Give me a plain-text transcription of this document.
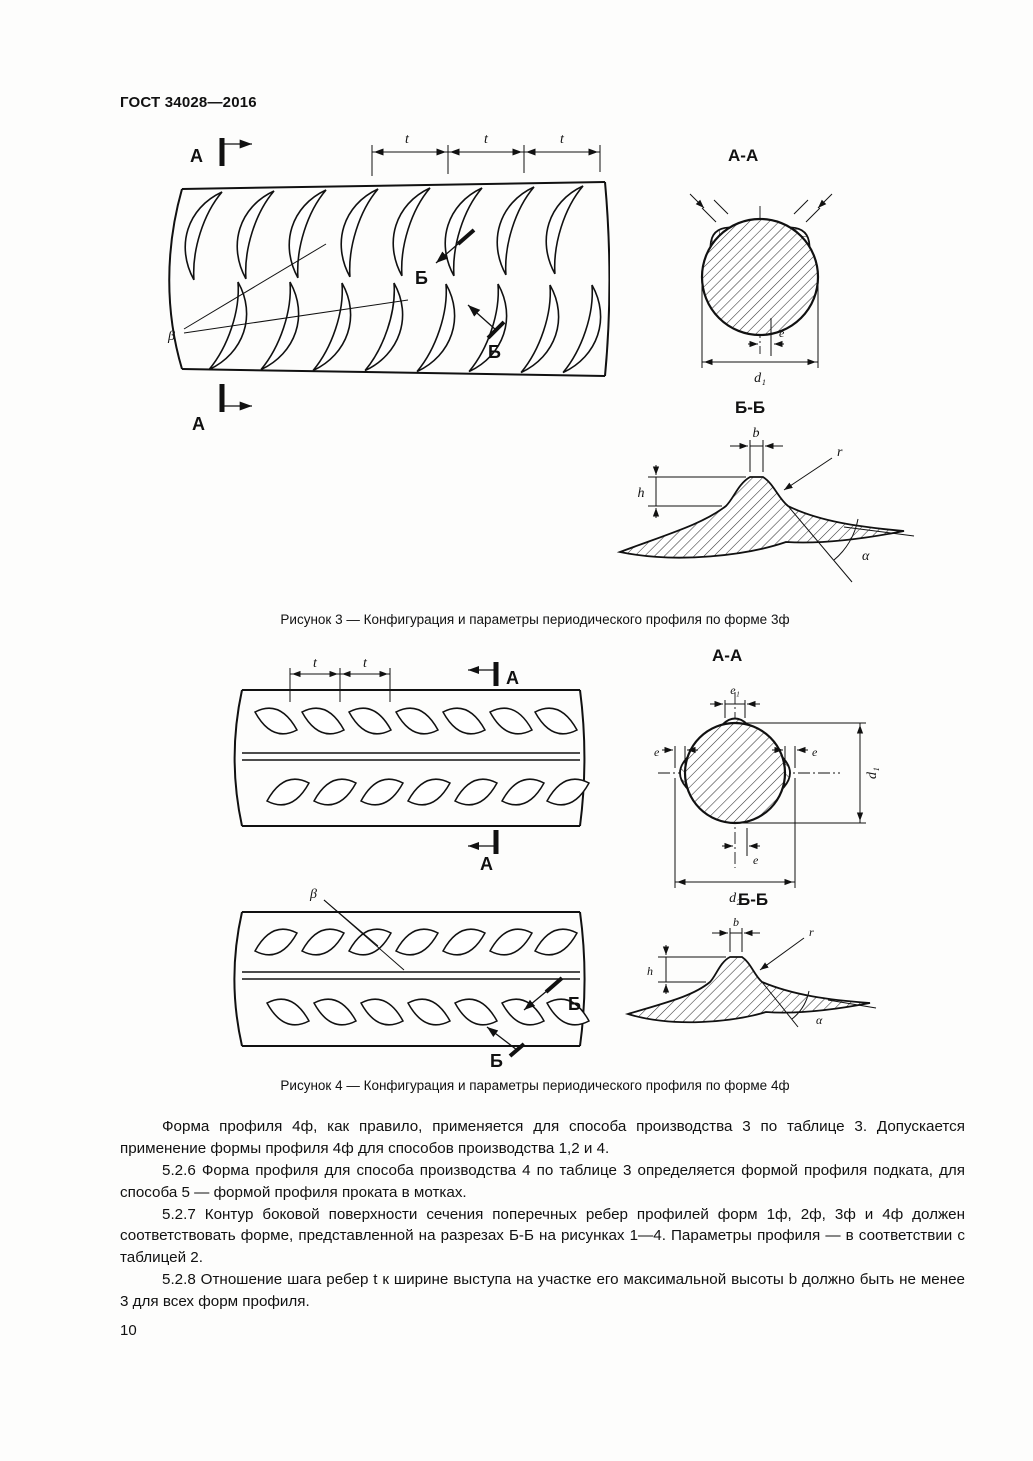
ГОСТ 34028—2016
β
t	t	t
А
А
Б
Б
А-А
e
d₁
Б-Б
b
h
r
α
Рисунок 3 — Конфигурация и параметры периодического профиля по форме 3ф
А-А
t	t
А
А
e₁
e	e
d₁
e
d₂
β
Б
Б
Б-Б
b
r
h
α
Рисунок 4 — Конфигурация и параметры периодического профиля по форме 4ф

Форма профиля 4ф, как правило, применяется для способа производства 3 по таблице 3. Допускается применение формы профиля 4ф для способов производства 1,2 и 4.

5.2.6 Форма профиля для способа производства 4 по таблице 3 определяется формой профиля подката, для способа 5 — формой профиля проката в мотках.

5.2.7 Контур боковой поверхности сечения поперечных ребер профилей форм 1ф, 2ф, 3ф и 4ф должен соответствовать форме, представленной на разрезах Б-Б на рисунках 1—4. Параметры профиля — в соответствии с таблицей 2.

5.2.8 Отношение шага ребер t к ширине выступа на участке его максимальной высоты b должно быть не менее 3 для всех форм профиля.

10
